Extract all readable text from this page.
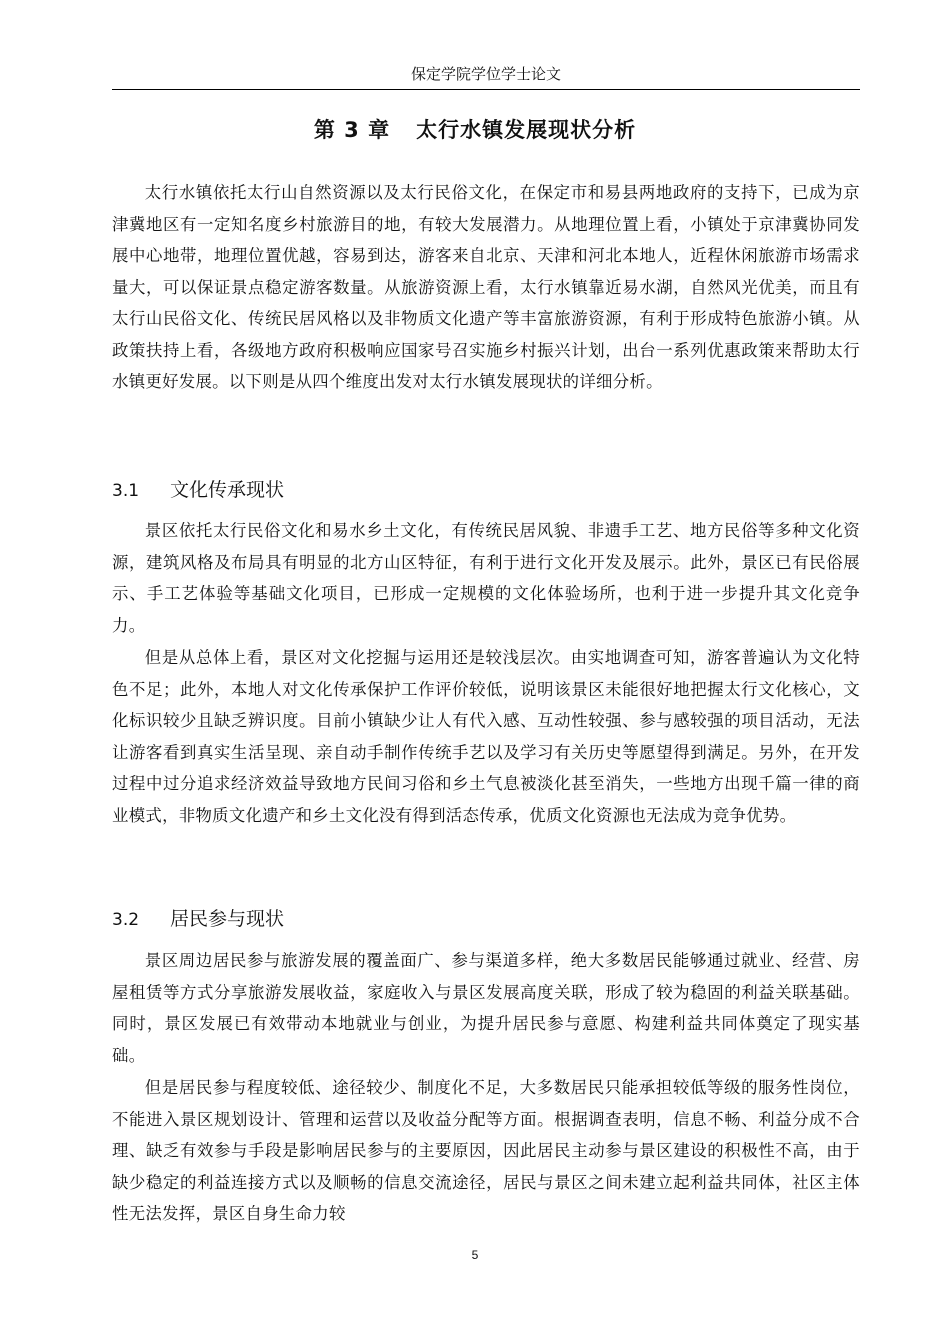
保定学院学位学士论文
第 3 章 太行水镇发展现状分析

太行水镇依托太行山自然资源以及太行民俗文化，在保定市和易县两地政府的支持下，已成为京津冀地区有一定知名度乡村旅游目的地，有较大发展潜力。从地理位置上看，小镇处于京津冀协同发展中心地带，地理位置优越，容易到达，游客来自北京、天津和河北本地人，近程休闲旅游市场需求量大，可以保证景点稳定游客数量。从旅游资源上看，太行水镇靠近易水湖，自然风光优美，而且有太行山民俗文化、传统民居风格以及非物质文化遗产等丰富旅游资源，有利于形成特色旅游小镇。从政策扶持上看，各级地方政府积极响应国家号召实施乡村振兴计划，出台一系列优惠政策来帮助太行水镇更好发展。以下则是从四个维度出发对太行水镇发展现状的详细分析。

3.1 文化传承现状

景区依托太行民俗文化和易水乡土文化，有传统民居风貌、非遗手工艺、地方民俗等多种文化资源，建筑风格及布局具有明显的北方山区特征，有利于进行文化开发及展示。此外，景区已有民俗展示、手工艺体验等基础文化项目，已形成一定规模的文化体验场所，也利于进一步提升其文化竞争力。

但是从总体上看，景区对文化挖掘与运用还是较浅层次。由实地调查可知，游客普遍认为文化特色不足；此外，本地人对文化传承保护工作评价较低，说明该景区未能很好地把握太行文化核心，文化标识较少且缺乏辨识度。目前小镇缺少让人有代入感、互动性较强、参与感较强的项目活动，无法让游客看到真实生活呈现、亲自动手制作传统手艺以及学习有关历史等愿望得到满足。另外，在开发过程中过分追求经济效益导致地方民间习俗和乡土气息被淡化甚至消失，一些地方出现千篇一律的商业模式，非物质文化遗产和乡土文化没有得到活态传承，优质文化资源也无法成为竞争优势。

3.2 居民参与现状

景区周边居民参与旅游发展的覆盖面广、参与渠道多样，绝大多数居民能够通过就业、经营、房屋租赁等方式分享旅游发展收益，家庭收入与景区发展高度关联，形成了较为稳固的利益关联基础。同时，景区发展已有效带动本地就业与创业，为提升居民参与意愿、构建利益共同体奠定了现实基础。

但是居民参与程度较低、途径较少、制度化不足，大多数居民只能承担较低等级的服务性岗位，不能进入景区规划设计、管理和运营以及收益分配等方面。根据调查表明，信息不畅、利益分成不合理、缺乏有效参与手段是影响居民参与的主要原因，因此居民主动参与景区建设的积极性不高，由于缺少稳定的利益连接方式以及顺畅的信息交流途径，居民与景区之间未建立起利益共同体，社区主体性无法发挥，景区自身生命力较

5
